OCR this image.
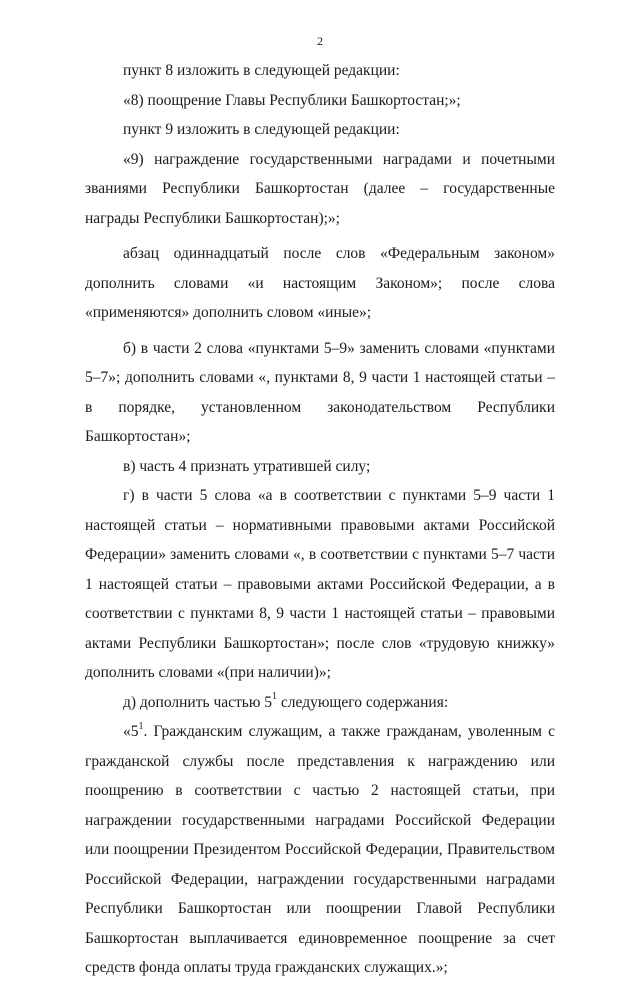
2

пункт 8 изложить в следующей редакции:

«8) поощрение Главы Республики Башкортостан;»;

пункт 9 изложить в следующей редакции:

«9) награждение государственными наградами и почетными званиями Республики Башкортостан (далее – государственные награды Республики Башкортостан);»;

абзац одиннадцатый после слов «Федеральным законом» дополнить словами «и настоящим Законом»; после слова «применяются» дополнить словом «иные»;

б) в части 2 слова «пунктами 5–9» заменить словами «пунктами 5–7»; дополнить словами «, пунктами 8, 9 части 1 настоящей статьи – в порядке, установленном законодательством Республики Башкортостан»;

в) часть 4 признать утратившей силу;

г) в части 5 слова «а в соответствии с пунктами 5–9 части 1 настоящей статьи – нормативными правовыми актами Российской Федерации» заменить словами «, в соответствии с пунктами 5–7 части 1 настоящей статьи – правовыми актами Российской Федерации, а в соответствии с пунктами 8, 9 части 1 настоящей статьи – правовыми актами Республики Башкортостан»; после слов «трудовую книжку» дополнить словами «(при наличии)»;

д) дополнить частью $5^1$ следующего содержания:

«$5^1$. Гражданским служащим, а также гражданам, уволенным с гражданской службы после представления к награждению или поощрению в соответствии с частью 2 настоящей статьи, при награждении государственными наградами Российской Федерации или поощрении Президентом Российской Федерации, Правительством Российской Федерации, награждении государственными наградами Республики Башкортостан или поощрении Главой Республики Башкортостан выплачивается единовременное поощрение за счет средств фонда оплаты труда гражданских служащих.»;
